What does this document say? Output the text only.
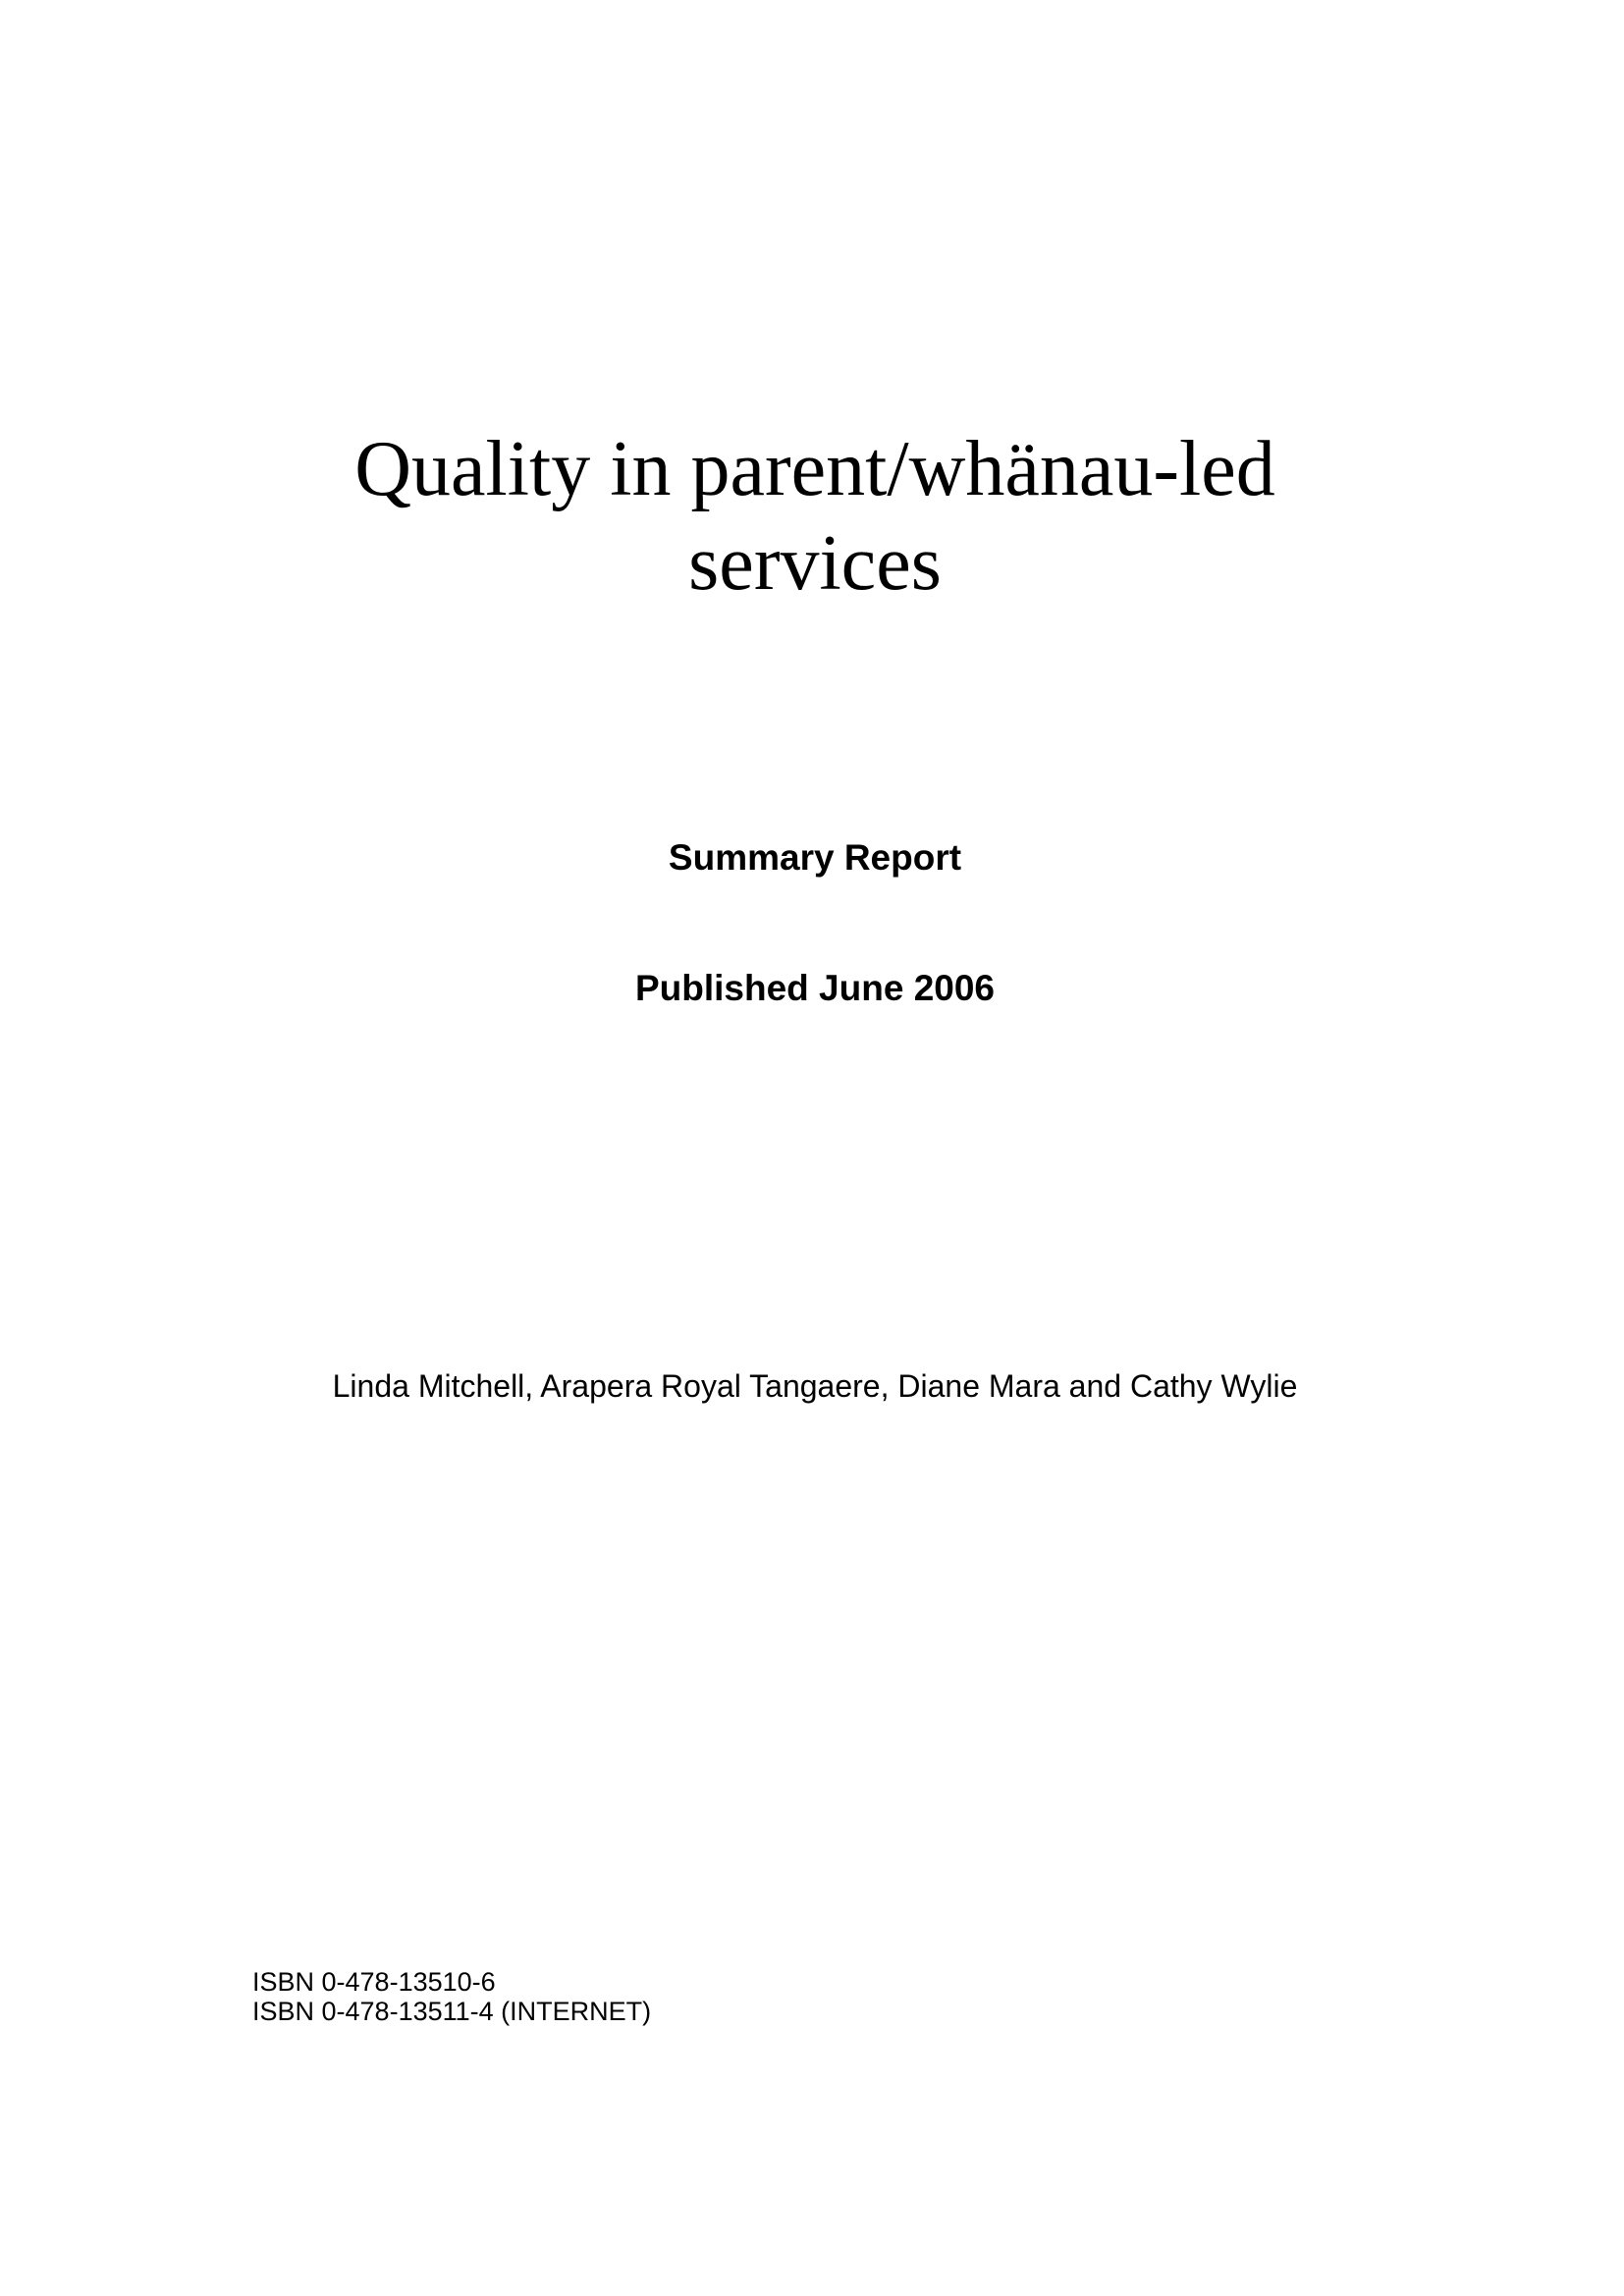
Quality in parent/whänau-led
services

Summary Report

Published June 2006

Linda Mitchell, Arapera Royal Tangaere, Diane Mara and Cathy Wylie

ISBN 0-478-13510-6
ISBN 0-478-13511-4 (INTERNET)
